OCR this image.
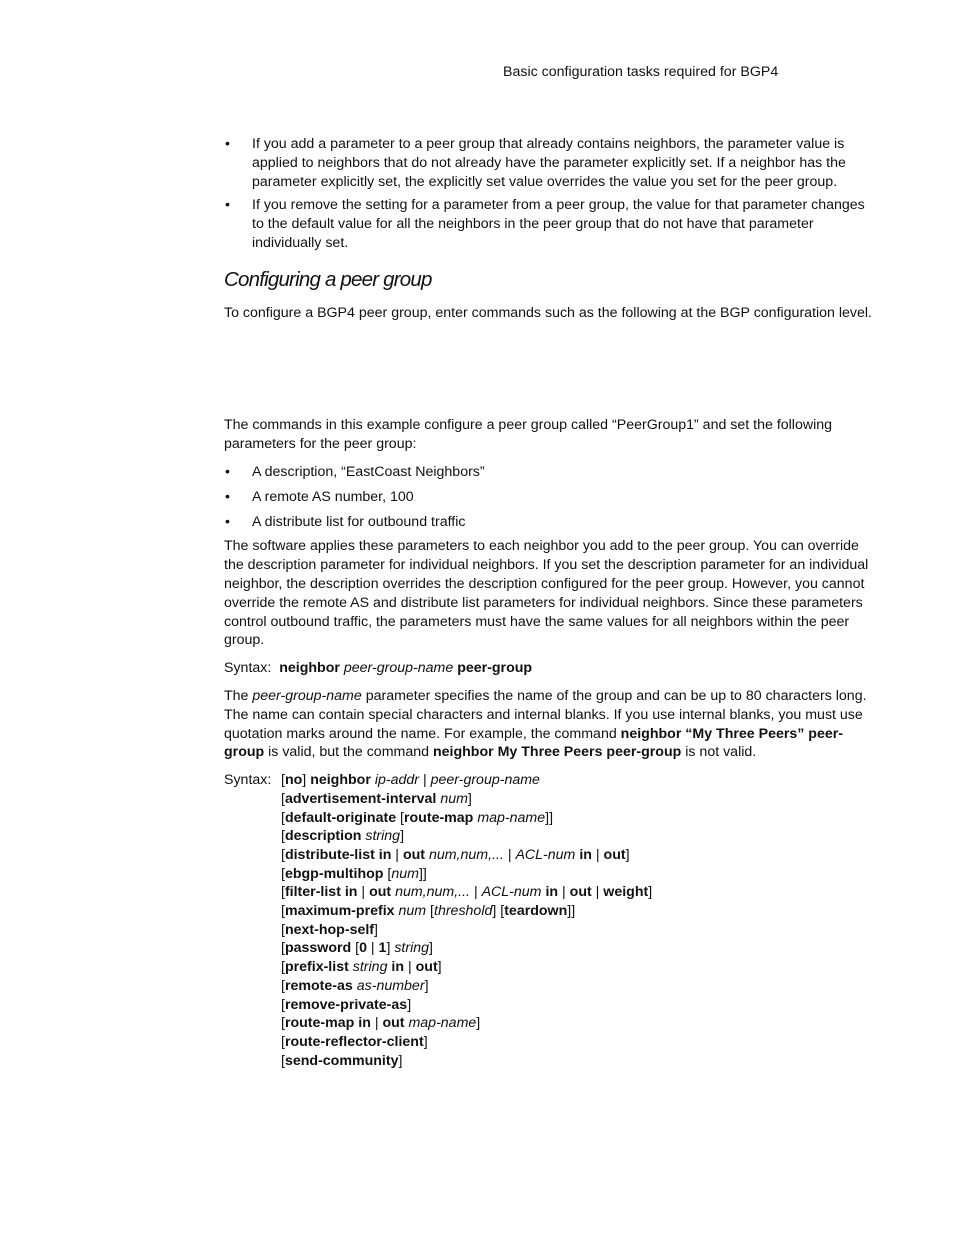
Basic configuration tasks required for BGP4
• If you add a parameter to a peer group that already contains neighbors, the parameter value is applied to neighbors that do not already have the parameter explicitly set. If a neighbor has the parameter explicitly set, the explicitly set value overrides the value you set for the peer group.
• If you remove the setting for a parameter from a peer group, the value for that parameter changes to the default value for all the neighbors in the peer group that do not have that parameter individually set.
Configuring a peer group

To configure a BGP4 peer group, enter commands such as the following at the BGP configuration level.

The commands in this example configure a peer group called “PeerGroup1” and set the following parameters for the peer group:

• A description, “EastCoast Neighbors”
• A remote AS number, 100
• A distribute list for outbound traffic

The software applies these parameters to each neighbor you add to the peer group. You can override the description parameter for individual neighbors. If you set the description parameter for an individual neighbor, the description overrides the description configured for the peer group. However, you cannot override the remote AS and distribute list parameters for individual neighbors. Since these parameters control outbound traffic, the parameters must have the same values for all neighbors within the peer group.

Syntax: neighbor peer-group-name peer-group

The peer-group-name parameter specifies the name of the group and can be up to 80 characters long. The name can contain special characters and internal blanks. If you use internal blanks, you must use quotation marks around the name. For example, the command neighbor “My Three Peers” peer-group is valid, but the command neighbor My Three Peers peer-group is not valid.

Syntax: [no] neighbor ip-addr | peer-group-name
[advertisement-interval num]
[default-originate [route-map map-name]]
[description string]
[distribute-list in | out num,num,... | ACL-num in | out]
[ebgp-multihop [num]]
[filter-list in | out num,num,... | ACL-num in | out | weight]
[maximum-prefix num [threshold] [teardown]]
[next-hop-self]
[password [0 | 1] string]
[prefix-list string in | out]
[remote-as as-number]
[remove-private-as]
[route-map in | out map-name]
[route-reflector-client]
[send-community]
